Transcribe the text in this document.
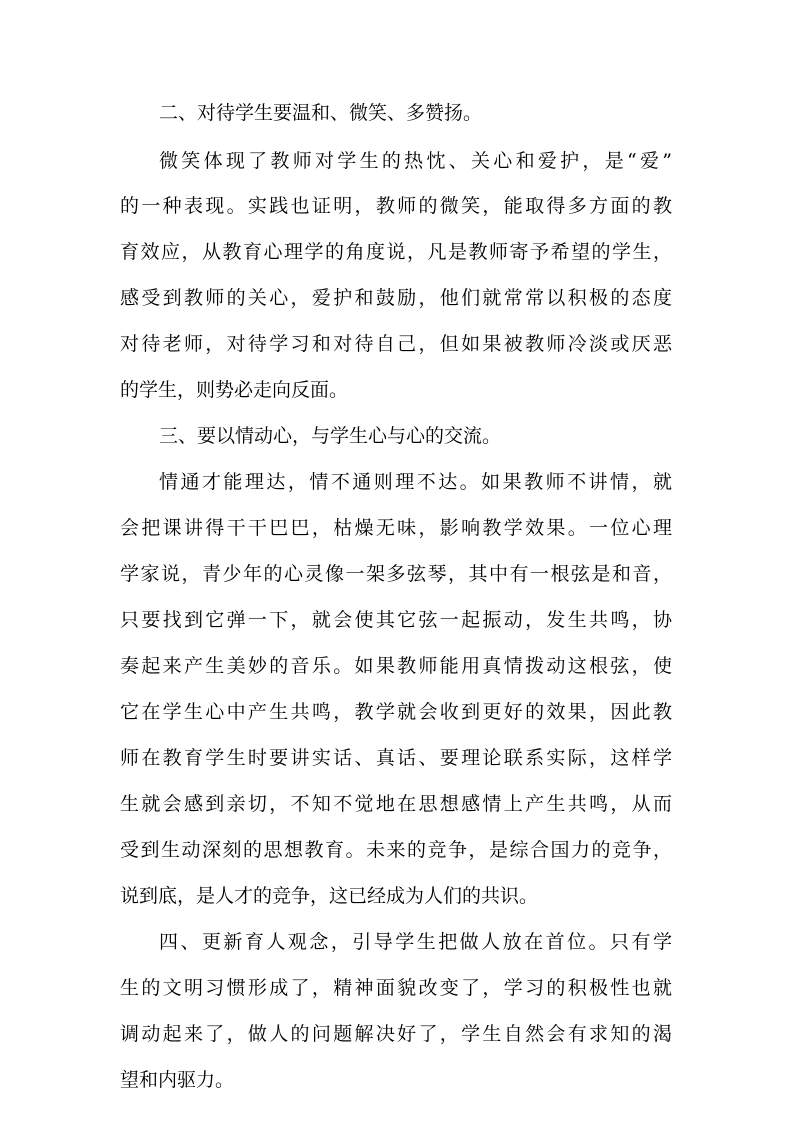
二、对待学生要温和、微笑、多赞扬。
微笑体现了教师对学生的热忱、关心和爱护，是“爱”
的一种表现。实践也证明，教师的微笑，能取得多方面的教
育效应，从教育心理学的角度说，凡是教师寄予希望的学生，
感受到教师的关心，爱护和鼓励，他们就常常以积极的态度
对待老师，对待学习和对待自己，但如果被教师冷淡或厌恶
的学生，则势必走向反面。
三、要以情动心，与学生心与心的交流。
情通才能理达，情不通则理不达。如果教师不讲情，就
会把课讲得干干巴巴，枯燥无味，影响教学效果。一位心理
学家说，青少年的心灵像一架多弦琴，其中有一根弦是和音，
只要找到它弹一下，就会使其它弦一起振动，发生共鸣，协
奏起来产生美妙的音乐。如果教师能用真情拨动这根弦，使
它在学生心中产生共鸣，教学就会收到更好的效果，因此教
师在教育学生时要讲实话、真话、要理论联系实际，这样学
生就会感到亲切，不知不觉地在思想感情上产生共鸣，从而
受到生动深刻的思想教育。未来的竞争，是综合国力的竞争，
说到底，是人才的竞争，这已经成为人们的共识。
四、更新育人观念，引导学生把做人放在首位。只有学
生的文明习惯形成了，精神面貌改变了，学习的积极性也就
调动起来了，做人的问题解决好了，学生自然会有求知的渴
望和内驱力。
